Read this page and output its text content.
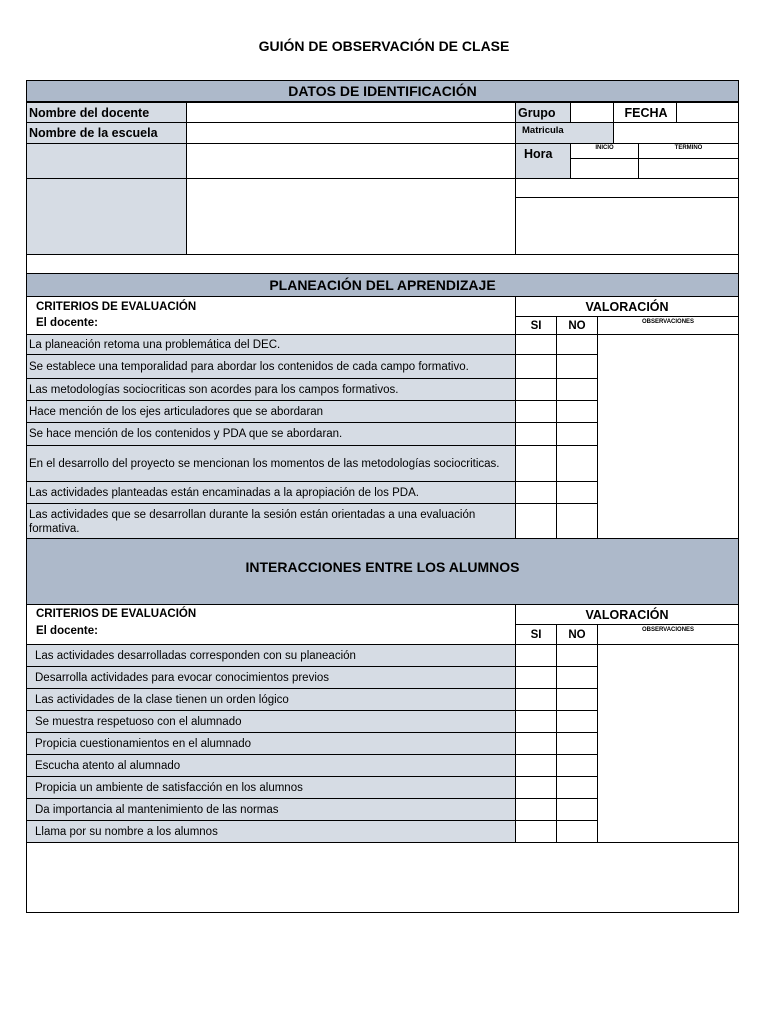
GUIÓN DE OBSERVACIÓN DE CLASE
DATOS DE IDENTIFICACIÓN
Nombre del docente	Grupo	FECHA
Nombre de la escuela	Matricula
Hora	INICIO	TERMINO
PLANEACIÓN DEL APRENDIZAJE
CRITERIOS DE EVALUACIÓN
El docente:
VALORACIÓN
SI NO	OBSERVACIONES
La planeación retoma una problemática del DEC.
Se establece una temporalidad para abordar los contenidos de cada campo formativo.
Las metodologías sociocriticas son acordes para los campos formativos.
Hace mención de los ejes articuladores que se abordaran
Se hace mención de los contenidos y PDA que se abordaran.
En el desarrollo del proyecto se mencionan los momentos de las metodologías sociocriticas.
Las actividades planteadas están encaminadas a la apropiación de los PDA.
Las actividades que se desarrollan durante la sesión están orientadas a una evaluación formativa.
INTERACCIONES ENTRE LOS ALUMNOS
CRITERIOS DE EVALUACIÓN
El docente:
VALORACIÓN
SI NO	OBSERVACIONES
Las actividades desarrolladas corresponden con su planeación
Desarrolla actividades para evocar conocimientos previos
Las actividades de la clase tienen un orden lógico
Se muestra respetuoso con el alumnado
Propicia cuestionamientos en el alumnado
Escucha atento al alumnado
Propicia un ambiente de satisfacción en los alumnos
Da importancia al mantenimiento de las normas
Llama por su nombre a los alumnos
